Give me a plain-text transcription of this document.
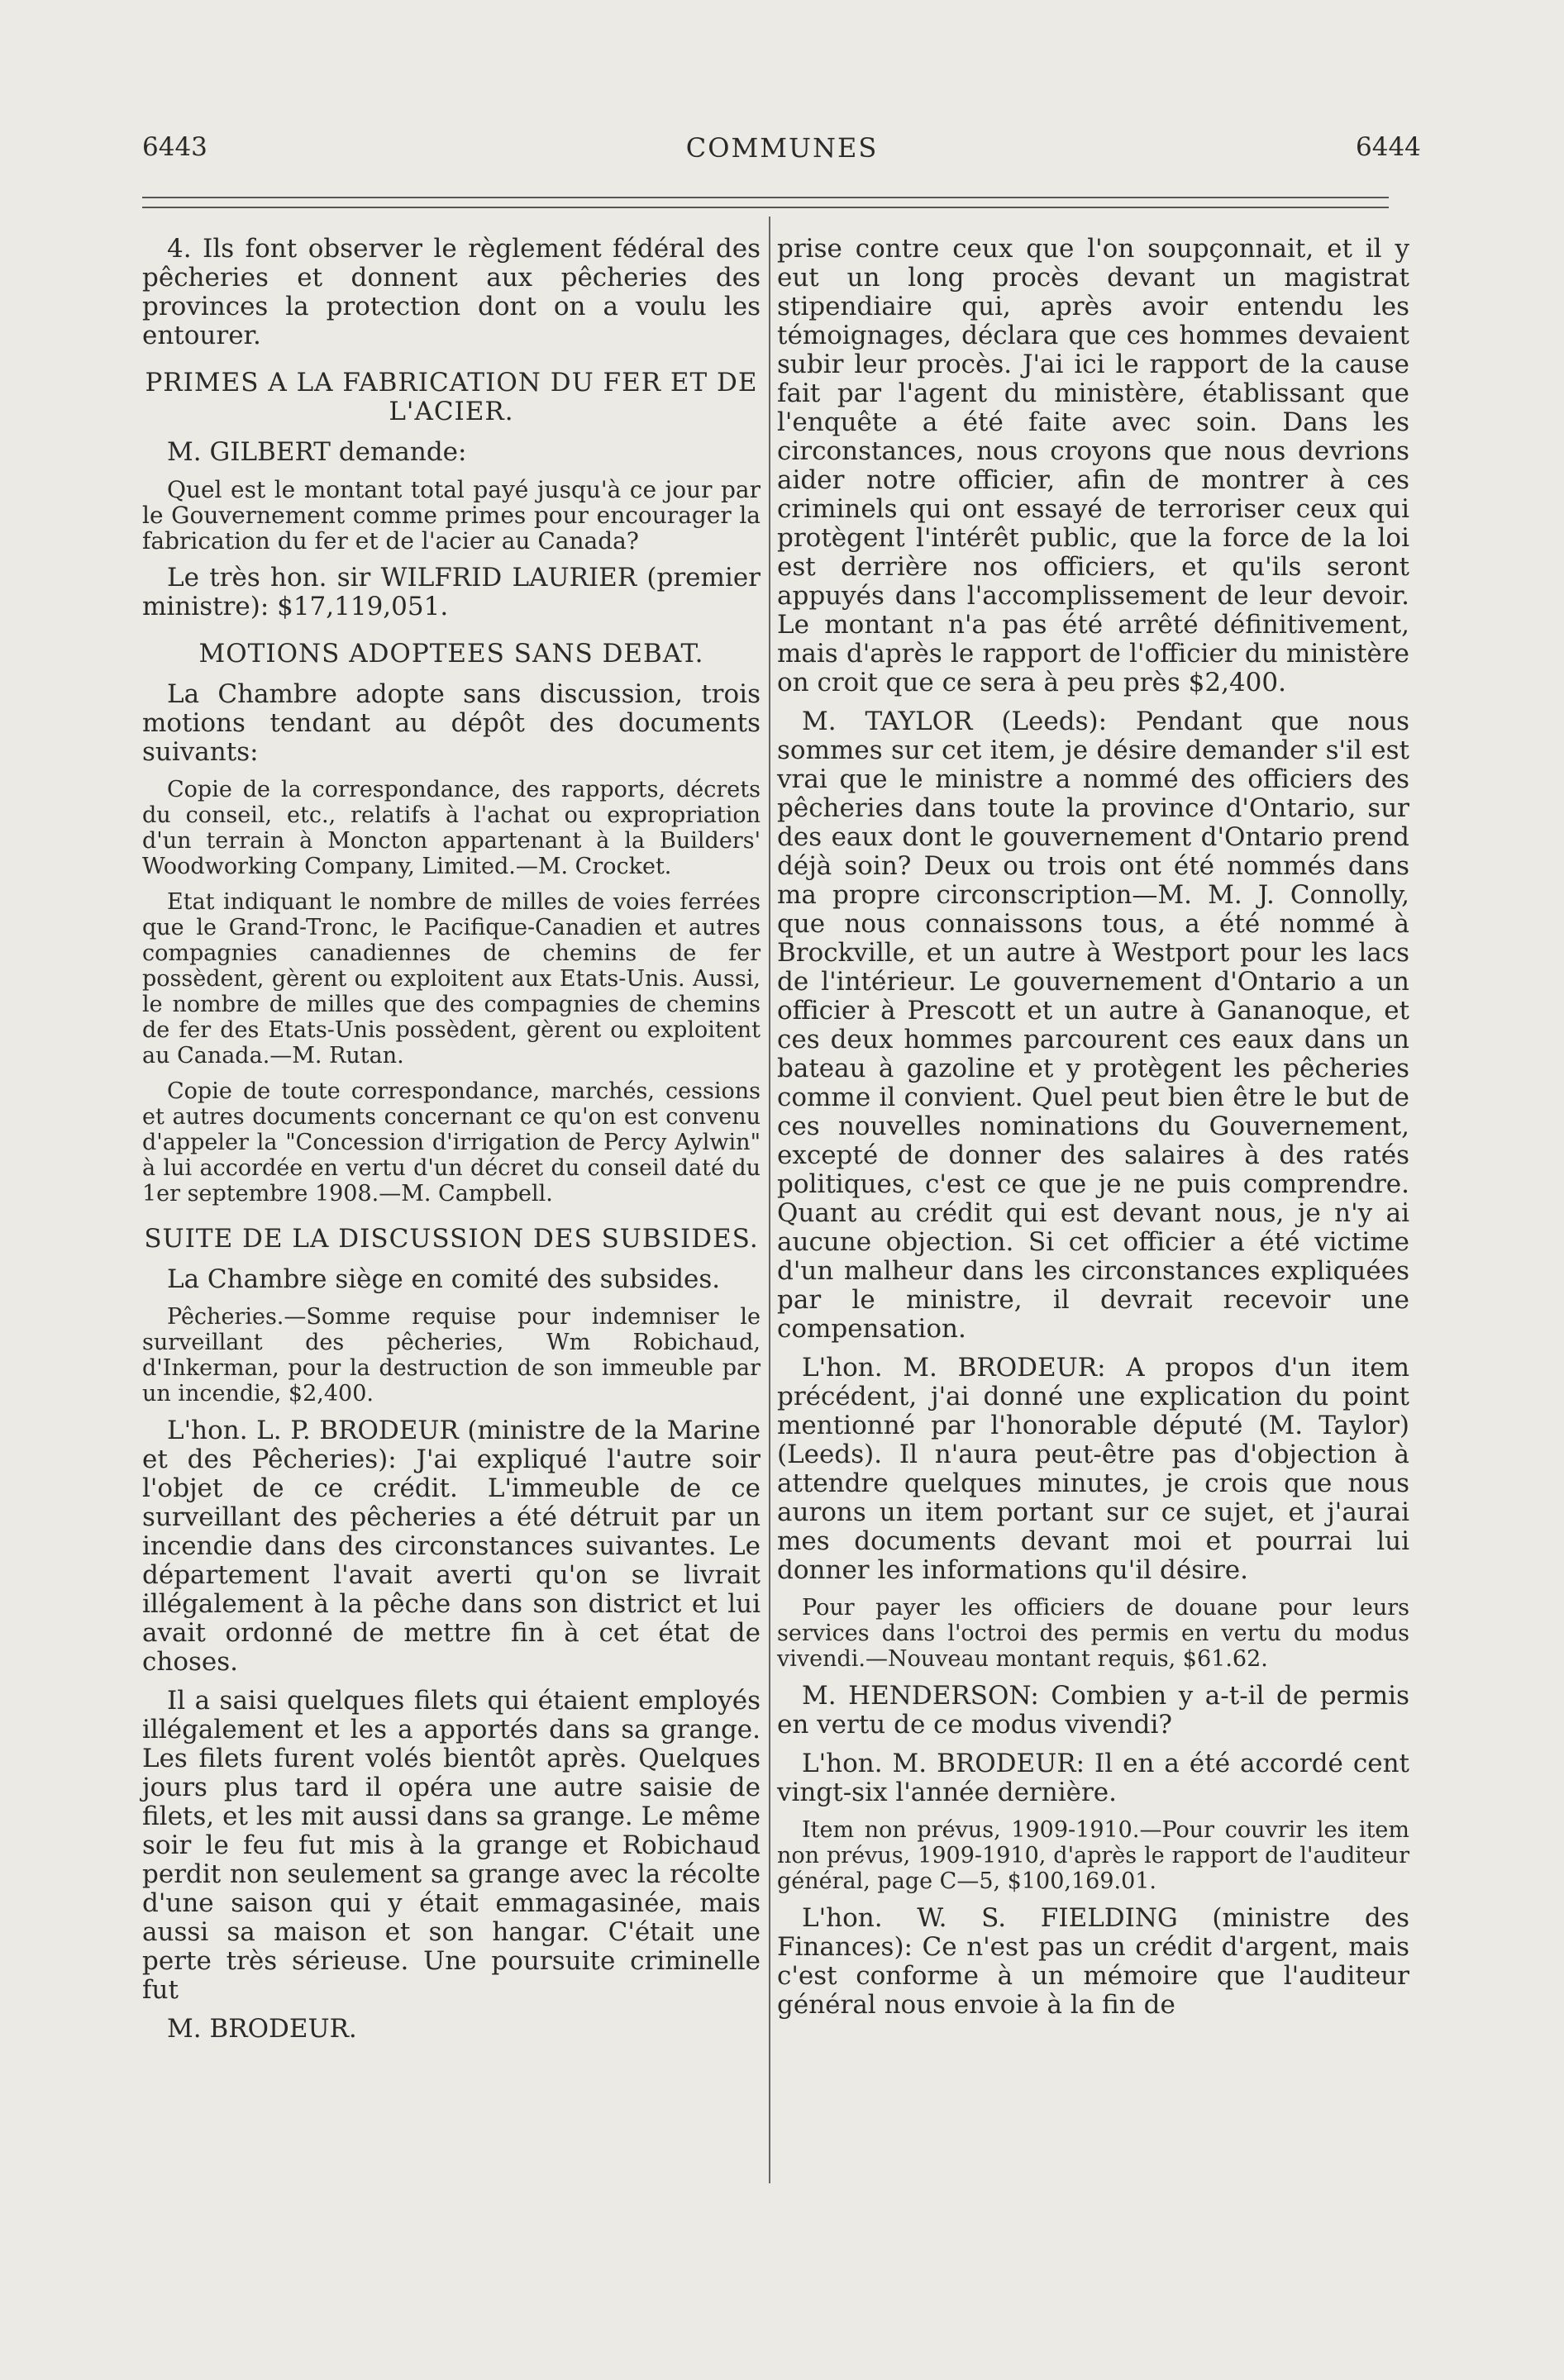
6443	COMMUNES	6444

4. Ils font observer le règlement fédéral des pêcheries et donnent aux pêcheries des provinces la protection dont on a voulu les entourer.

PRIMES A LA FABRICATION DU FER ET DE L'ACIER.

M. GILBERT demande:

Quel est le montant total payé jusqu'à ce jour par le Gouvernement comme primes pour encourager la fabrication du fer et de l'acier au Canada?

Le très hon. sir WILFRID LAURIER (premier ministre): $17,119,051.

MOTIONS ADOPTEES SANS DEBAT.

La Chambre adopte sans discussion, trois motions tendant au dépôt des documents suivants:

Copie de la correspondance, des rapports, décrets du conseil, etc., relatifs à l'achat ou expropriation d'un terrain à Moncton appartenant à la Builders' Woodworking Company, Limited.—M. Crocket.

Etat indiquant le nombre de milles de voies ferrées que le Grand-Tronc, le Pacifique-Canadien et autres compagnies canadiennes de chemins de fer possèdent, gèrent ou exploitent aux Etats-Unis. Aussi, le nombre de milles que des compagnies de chemins de fer des Etats-Unis possèdent, gèrent ou exploitent au Canada.—M. Rutan.

Copie de toute correspondance, marchés, cessions et autres documents concernant ce qu'on est convenu d'appeler la "Concession d'irrigation de Percy Aylwin" à lui accordée en vertu d'un décret du conseil daté du 1er septembre 1908.—M. Campbell.

SUITE DE LA DISCUSSION DES SUBSIDES.

La Chambre siège en comité des subsides.

Pêcheries.—Somme requise pour indemniser le surveillant des pêcheries, Wm Robichaud, d'Inkerman, pour la destruction de son immeuble par un incendie, $2,400.

L'hon. L. P. BRODEUR (ministre de la Marine et des Pêcheries): J'ai expliqué l'autre soir l'objet de ce crédit. L'immeuble de ce surveillant des pêcheries a été détruit par un incendie dans des circonstances suivantes. Le département l'avait averti qu'on se livrait illégalement à la pêche dans son district et lui avait ordonné de mettre fin à cet état de choses.

Il a saisi quelques filets qui étaient employés illégalement et les a apportés dans sa grange. Les filets furent volés bientôt après. Quelques jours plus tard il opéra une autre saisie de filets, et les mit aussi dans sa grange. Le même soir le feu fut mis à la grange et Robichaud perdit non seulement sa grange avec la récolte d'une saison qui y était emmagasinée, mais aussi sa maison et son hangar. C'était une perte très sérieuse. Une poursuite criminelle fut

M. BRODEUR.

prise contre ceux que l'on soupçonnait, et il y eut un long procès devant un magistrat stipendiaire qui, après avoir entendu les témoignages, déclara que ces hommes devaient subir leur procès. J'ai ici le rapport de la cause fait par l'agent du ministère, établissant que l'enquête a été faite avec soin. Dans les circonstances, nous croyons que nous devrions aider notre officier, afin de montrer à ces criminels qui ont essayé de terroriser ceux qui protègent l'intérêt public, que la force de la loi est derrière nos officiers, et qu'ils seront appuyés dans l'accomplissement de leur devoir. Le montant n'a pas été arrêté définitivement, mais d'après le rapport de l'officier du ministère on croit que ce sera à peu près $2,400.

M. TAYLOR (Leeds): Pendant que nous sommes sur cet item, je désire demander s'il est vrai que le ministre a nommé des officiers des pêcheries dans toute la province d'Ontario, sur des eaux dont le gouvernement d'Ontario prend déjà soin? Deux ou trois ont été nommés dans ma propre circonscription—M. M. J. Connolly, que nous connaissons tous, a été nommé à Brockville, et un autre à Westport pour les lacs de l'intérieur. Le gouvernement d'Ontario a un officier à Prescott et un autre à Gananoque, et ces deux hommes parcourent ces eaux dans un bateau à gazoline et y protègent les pêcheries comme il convient. Quel peut bien être le but de ces nouvelles nominations du Gouvernement, excepté de donner des salaires à des ratés politiques, c'est ce que je ne puis comprendre. Quant au crédit qui est devant nous, je n'y ai aucune objection. Si cet officier a été victime d'un malheur dans les circonstances expliquées par le ministre, il devrait recevoir une compensation.

L'hon. M. BRODEUR: A propos d'un item précédent, j'ai donné une explication du point mentionné par l'honorable député (M. Taylor) (Leeds). Il n'aura peut-être pas d'objection à attendre quelques minutes, je crois que nous aurons un item portant sur ce sujet, et j'aurai mes documents devant moi et pourrai lui donner les informations qu'il désire.

Pour payer les officiers de douane pour leurs services dans l'octroi des permis en vertu du modus vivendi.—Nouveau montant requis, $61.62.

M. HENDERSON: Combien y a-t-il de permis en vertu de ce modus vivendi?

L'hon. M. BRODEUR: Il en a été accordé cent vingt-six l'année dernière.

Item non prévus, 1909-1910.—Pour couvrir les item non prévus, 1909-1910, d'après le rapport de l'auditeur général, page C—5, $100,169.01.

L'hon. W. S. FIELDING (ministre des Finances): Ce n'est pas un crédit d'argent, mais c'est conforme à un mémoire que l'auditeur général nous envoie à la fin de
